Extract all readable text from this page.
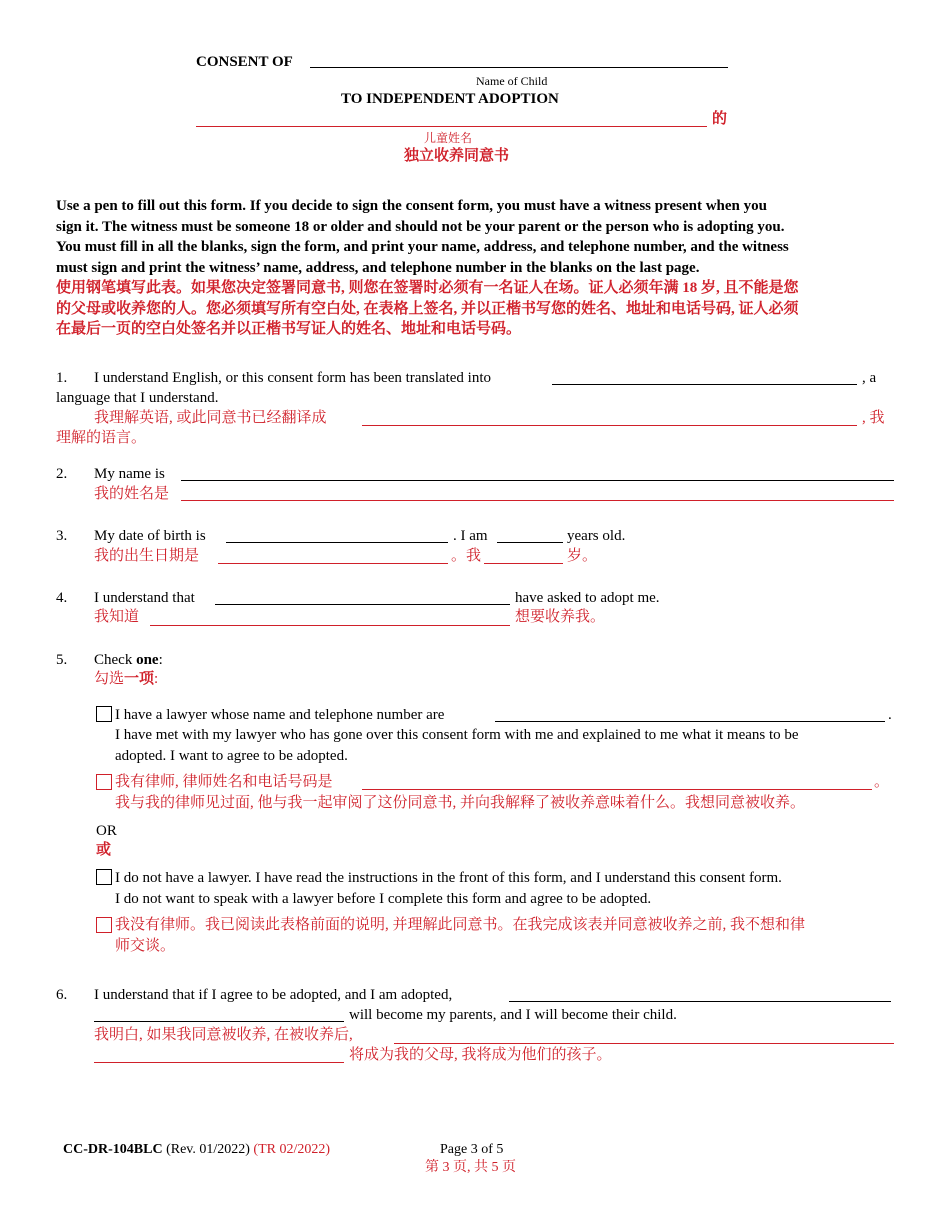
CONSENT OF
Name of Child
TO INDEPENDENT ADOPTION
的
儿童姓名
独立收养同意书
Use a pen to fill out this form. If you decide to sign the consent form, you must have a witness present when you
sign it. The witness must be someone 18 or older and should not be your parent or the person who is adopting you.
You must fill in all the blanks, sign the form, and print your name, address, and telephone number, and the witness
must sign and print the witness’ name, address, and telephone number in the blanks on the last page.
使用钢笔填写此表。如果您决定签署同意书, 则您在签署时必须有一名证人在场。证人必须年满 18 岁, 且不能是您
的父母或收养您的人。您必须填写所有空白处, 在表格上签名, 并以正楷书写您的姓名、地址和电话号码, 证人必须
在最后一页的空白处签名并以正楷书写证人的姓名、地址和电话号码。
1. I understand English, or this consent form has been translated into	, a
language that I understand.
我理解英语, 或此同意书已经翻译成	, 我
理解的语言。
2. My name is
我的姓名是
3. My date of birth is	. I am	years old.
我的出生日期是	。我	岁。
4. I understand that	have asked to adopt me.
我知道	想要收养我。
5. Check one:
勾选一项:
I have a lawyer whose name and telephone number are	.
I have met with my lawyer who has gone over this consent form with me and explained to me what it means to be
adopted. I want to agree to be adopted.
我有律师, 律师姓名和电话号码是	。
我与我的律师见过面, 他与我一起审阅了这份同意书, 并向我解释了被收养意味着什么。我想同意被收养。
OR
或
I do not have a lawyer. I have read the instructions in the front of this form, and I understand this consent form.
I do not want to speak with a lawyer before I complete this form and agree to be adopted.
我没有律师。我已阅读此表格前面的说明, 并理解此同意书。在我完成该表并同意被收养之前, 我不想和律
师交谈。
6. I understand that if I agree to be adopted, and I am adopted,
will become my parents, and I will become their child.
我明白, 如果我同意被收养, 在被收养后,
将成为我的父母, 我将成为他们的孩子。
CC-DR-104BLC (Rev. 01/2022) (TR 02/2022)	Page 3 of 5
第 3 页, 共 5 页
